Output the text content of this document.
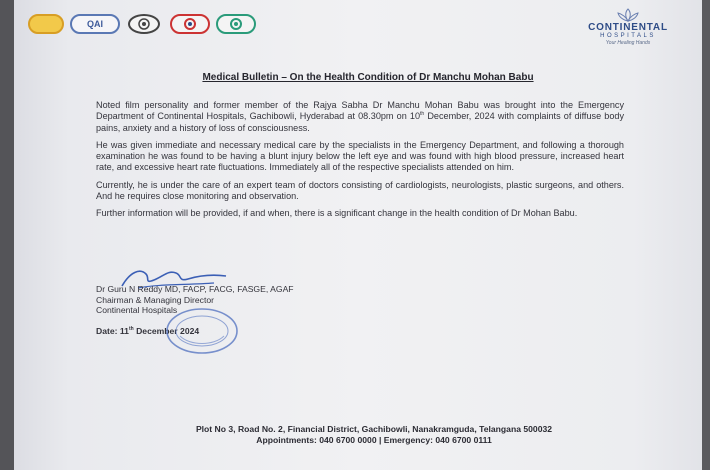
QAI	CONTINENTAL
HOSPITALS
Your Healing Hands
Medical Bulletin – On the Health Condition of Dr Manchu Mohan Babu

Noted film personality and former member of the Rajya Sabha Dr Manchu Mohan Babu was brought into the Emergency Department of Continental Hospitals, Gachibowli, Hyderabad at 08.30pm on 10th December, 2024 with complaints of diffuse body pains, anxiety and a history of loss of consciousness.

He was given immediate and necessary medical care by the specialists in the Emergency Department, and following a thorough examination he was found to be having a blunt injury below the left eye and was found with high blood pressure, increased heart rate, and excessive heart rate fluctuations. Immediately all of the respective specialists attended on him.

Currently, he is under the care of an expert team of doctors consisting of cardiologists, neurologists, plastic surgeons, and others. And he requires close monitoring and observation.

Further information will be provided, if and when, there is a significant change in the health condition of Dr Mohan Babu.

Dr Guru N Reddy MD, FACP, FACG, FASGE, AGAF
Chairman & Managing Director
Continental Hospitals
Date: 11th December 2024
Plot No 3, Road No. 2, Financial District, Gachibowli, Nanakramguda, Telangana 500032
Appointments: 040 6700 0000 | Emergency: 040 6700 0111
